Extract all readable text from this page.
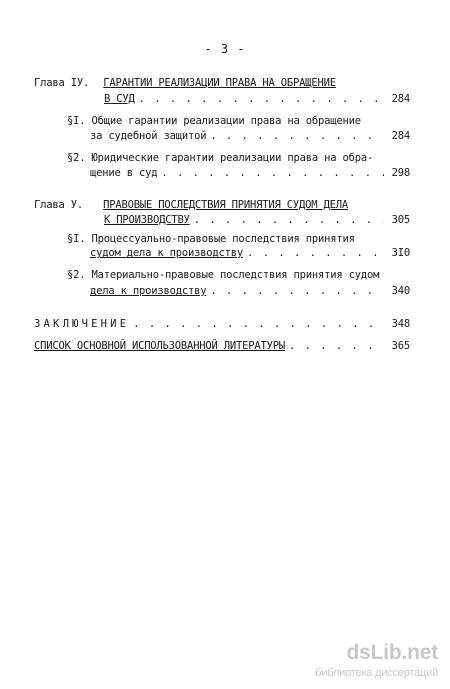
- 3 -
Глава IУ. ГАРАНТИИ РЕАЛИЗАЦИИ ПРАВА НА ОБРАЩЕНИЕ
В СУД . . .	284
§I. Общие гарантии реализации права на обращение
за судебной защитой . . .	284
§2. Юридические гарантии реализации права на обра-
щение в суд . . .	298
Глава У. ПРАВОВЫЕ ПОСЛЕДСТВИЯ ПРИНЯТИЯ СУДОМ ДЕЛА
К ПРОИЗВОДСТВУ . . .	305
§I. Процессуально-правовые последствия принятия
судом дела к производству . . .	3I0
§2. Материально-правовые последствия принятия судом
дела к производству . . .	340
ЗАКЛЮЧЕНИЕ . . .	348
СПИСОК ОСНОВНОЙ ИСПОЛЬЗОВАННОЙ ЛИТЕРАТУРЫ . . .	365
dsLib.net
библиотека диссертаций
